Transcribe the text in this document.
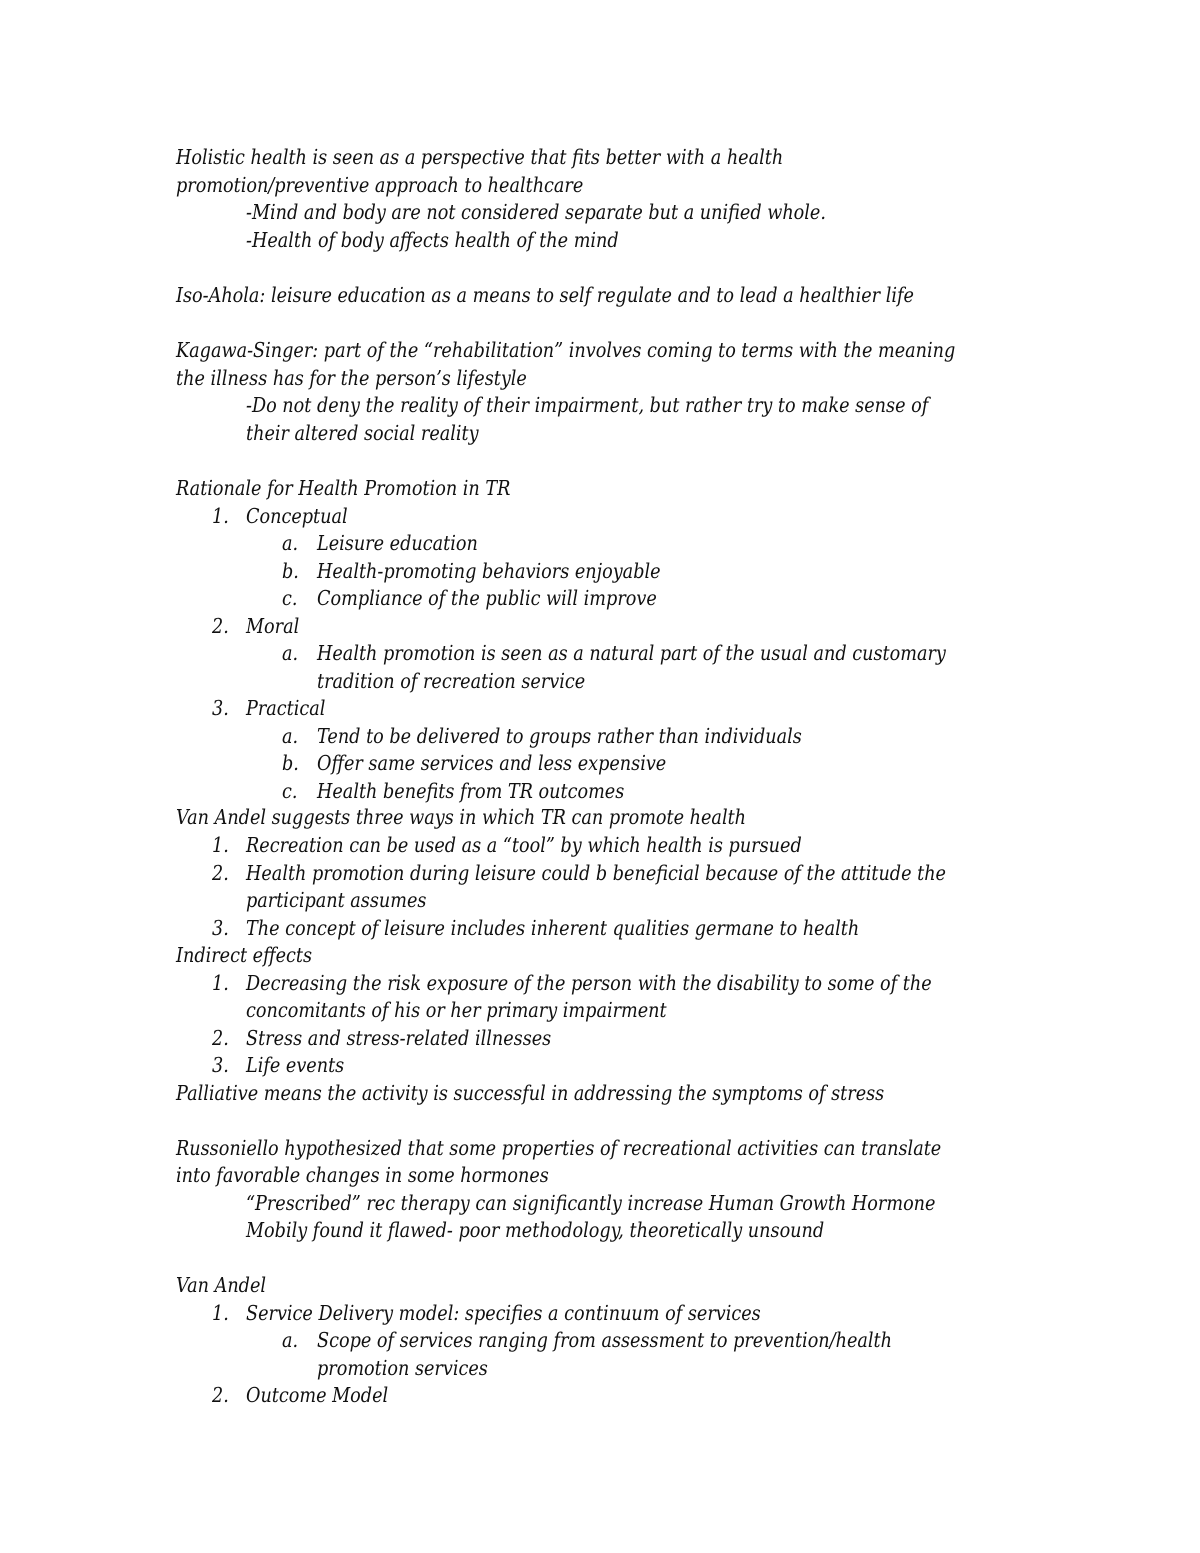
Holistic health is seen as a perspective that fits better with a health
promotion/preventive approach to healthcare
-Mind and body are not considered separate but a unified whole.
-Health of body affects health of the mind
Iso-Ahola: leisure education as a means to self regulate and to lead a healthier life
Kagawa-Singer: part of the “rehabilitation” involves coming to terms with the meaning
the illness has for the person’s lifestyle
-Do not deny the reality of their impairment, but rather try to make sense of
their altered social reality
Rationale for Health Promotion in TR
1. Conceptual
a. Leisure education
b. Health-promoting behaviors enjoyable
c. Compliance of the public will improve
2. Moral
a. Health promotion is seen as a natural part of the usual and customary
tradition of recreation service
3. Practical
a. Tend to be delivered to groups rather than individuals
b. Offer same services and less expensive
c. Health benefits from TR outcomes
Van Andel suggests three ways in which TR can promote health
1. Recreation can be used as a “tool” by which health is pursued
2. Health promotion during leisure could b beneficial because of the attitude the
participant assumes
3. The concept of leisure includes inherent qualities germane to health
Indirect effects
1. Decreasing the risk exposure of the person with the disability to some of the
concomitants of his or her primary impairment
2. Stress and stress-related illnesses
3. Life events
Palliative means the activity is successful in addressing the symptoms of stress
Russoniello hypothesized that some properties of recreational activities can translate
into favorable changes in some hormones
“Prescribed” rec therapy can significantly increase Human Growth Hormone
Mobily found it flawed- poor methodology, theoretically unsound
Van Andel
1. Service Delivery model: specifies a continuum of services
a. Scope of services ranging from assessment to prevention/health
promotion services
2. Outcome Model
